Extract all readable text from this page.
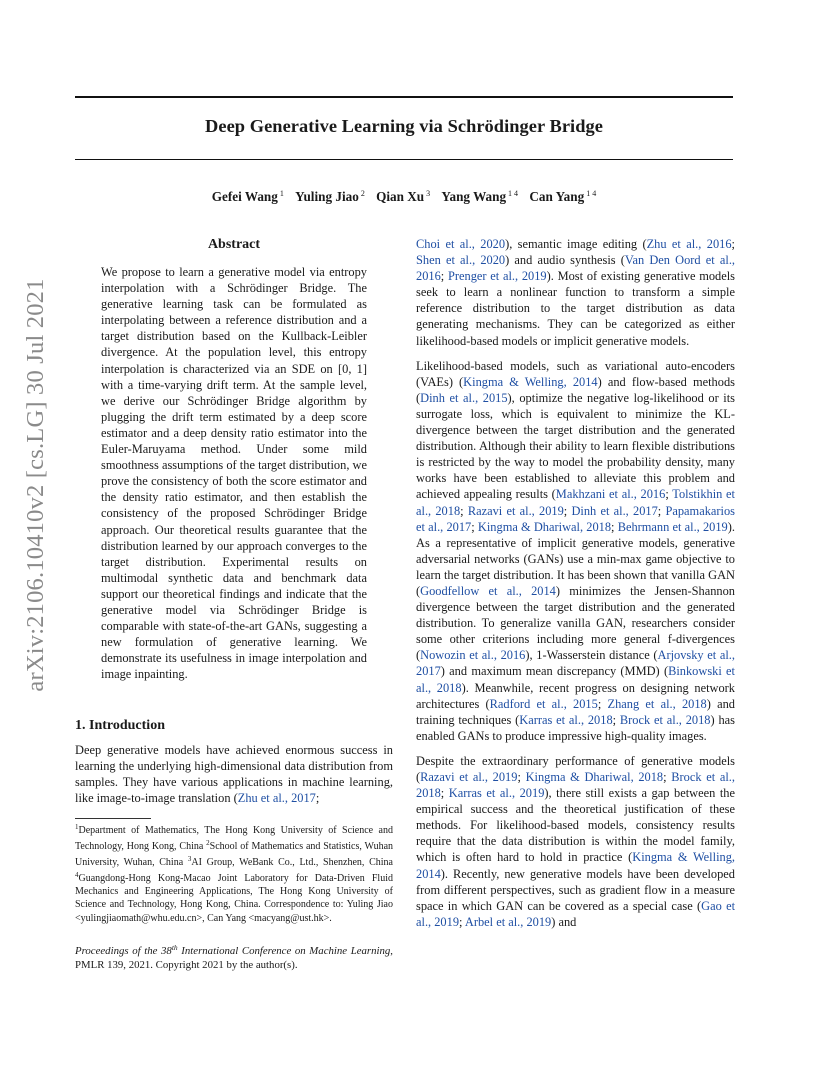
Deep Generative Learning via Schrödinger Bridge
Gefei Wang $^1$ Yuling Jiao $^2$ Qian Xu $^3$ Yang Wang $^{1 4}$ Can Yang $^{1 4}$
arXiv:2106.10410v2 [cs.LG] 30 Jul 2021
Abstract

We propose to learn a generative model via entropy interpolation with a Schrödinger Bridge. The generative learning task can be formulated as interpolating between a reference distribution and a target distribution based on the Kullback-Leibler divergence. At the population level, this entropy interpolation is characterized via an SDE on [0, 1] with a time-varying drift term. At the sample level, we derive our Schrödinger Bridge algorithm by plugging the drift term estimated by a deep score estimator and a deep density ratio estimator into the Euler-Maruyama method. Under some mild smoothness assumptions of the target distribution, we prove the consistency of both the score estimator and the density ratio estimator, and then establish the consistency of the proposed Schrödinger Bridge approach. Our theoretical results guarantee that the distribution learned by our approach converges to the target distribution. Experimental results on multimodal synthetic data and benchmark data support our theoretical findings and indicate that the generative model via Schrödinger Bridge is comparable with state-of-the-art GANs, suggesting a new formulation of generative learning. We demonstrate its usefulness in image interpolation and image inpainting.

1. Introduction

Deep generative models have achieved enormous success in learning the underlying high-dimensional data distribution from samples. They have various applications in machine learning, like image-to-image translation (Zhu et al., 2017;

$^1$Department of Mathematics, The Hong Kong University of Science and Technology, Hong Kong, China $^2$School of Mathematics and Statistics, Wuhan University, Wuhan, China $^3$AI Group, WeBank Co., Ltd., Shenzhen, China $^4$Guangdong-Hong Kong-Macao Joint Laboratory for Data-Driven Fluid Mechanics and Engineering Applications, The Hong Kong University of Science and Technology, Hong Kong, China. Correspondence to: Yuling Jiao <yulingjiaomath@whu.edu.cn>, Can Yang <macyang@ust.hk>.

Proceedings of the 38th International Conference on Machine Learning, PMLR 139, 2021. Copyright 2021 by the author(s).

Choi et al., 2020), semantic image editing (Zhu et al., 2016; Shen et al., 2020) and audio synthesis (Van Den Oord et al., 2016; Prenger et al., 2019). Most of existing generative models seek to learn a nonlinear function to transform a simple reference distribution to the target distribution as data generating mechanisms. They can be categorized as either likelihood-based models or implicit generative models.

Likelihood-based models, such as variational auto-encoders (VAEs) (Kingma & Welling, 2014) and flow-based methods (Dinh et al., 2015), optimize the negative log-likelihood or its surrogate loss, which is equivalent to minimize the KL-divergence between the target distribution and the generated distribution. Although their ability to learn flexible distributions is restricted by the way to model the probability density, many works have been established to alleviate this problem and achieved appealing results (Makhzani et al., 2016; Tolstikhin et al., 2018; Razavi et al., 2019; Dinh et al., 2017; Papamakarios et al., 2017; Kingma & Dhariwal, 2018; Behrmann et al., 2019). As a representative of implicit generative models, generative adversarial networks (GANs) use a min-max game objective to learn the target distribution. It has been shown that vanilla GAN (Goodfellow et al., 2014) minimizes the Jensen-Shannon divergence between the target distribution and the generated distribution. To generalize vanilla GAN, researchers consider some other criterions including more general f-divergences (Nowozin et al., 2016), 1-Wasserstein distance (Arjovsky et al., 2017) and maximum mean discrepancy (MMD) (Binkowski et al., 2018). Meanwhile, recent progress on designing network architectures (Radford et al., 2015; Zhang et al., 2018) and training techniques (Karras et al., 2018; Brock et al., 2018) has enabled GANs to produce impressive high-quality images.

Despite the extraordinary performance of generative models (Razavi et al., 2019; Kingma & Dhariwal, 2018; Brock et al., 2018; Karras et al., 2019), there still exists a gap between the empirical success and the theoretical justification of these methods. For likelihood-based models, consistency results require that the data distribution is within the model family, which is often hard to hold in practice (Kingma & Welling, 2014). Recently, new generative models have been developed from different perspectives, such as gradient flow in a measure space in which GAN can be covered as a special case (Gao et al., 2019; Arbel et al., 2019) and
